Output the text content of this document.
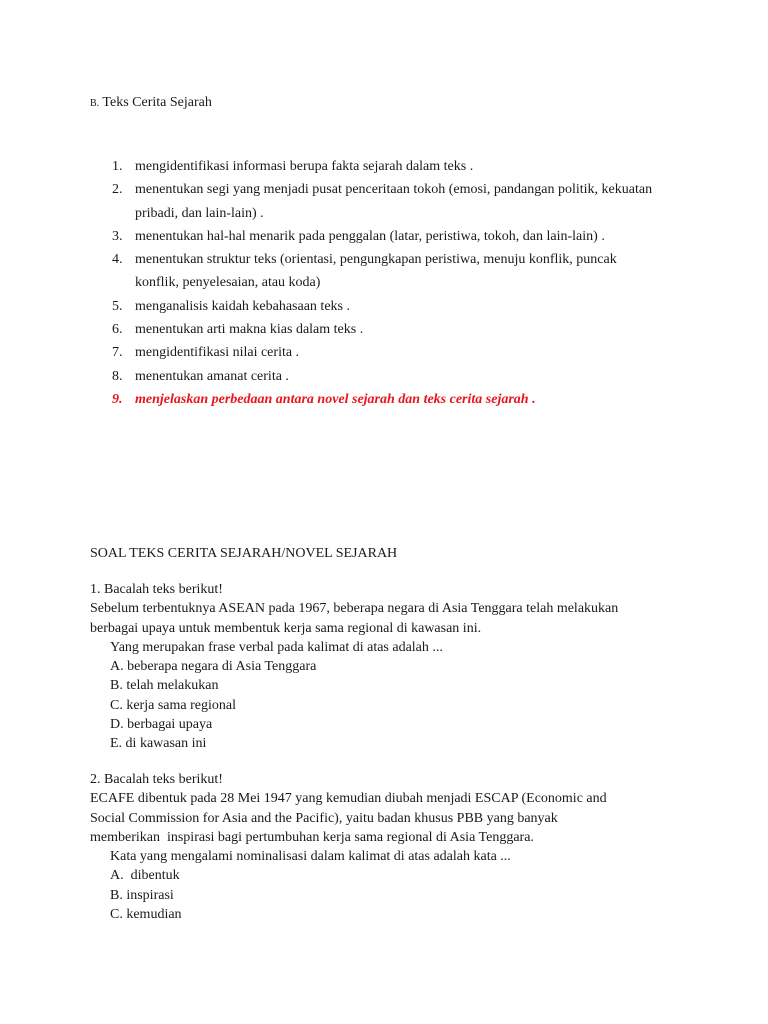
B. Teks Cerita Sejarah
1. mengidentifikasi informasi berupa fakta sejarah dalam teks .
2. menentukan segi yang menjadi pusat penceritaan tokoh (emosi, pandangan politik, kekuatan pribadi, dan lain-lain) .
3. menentukan hal-hal menarik pada penggalan (latar, peristiwa, tokoh, dan lain-lain) .
4. menentukan struktur teks (orientasi, pengungkapan peristiwa, menuju konflik, puncak konflik, penyelesaian, atau koda)
5. menganalisis kaidah kebahasaan teks .
6. menentukan arti makna kias dalam teks .
7. mengidentifikasi nilai cerita .
8. menentukan amanat cerita .
9. menjelaskan perbedaan antara novel sejarah dan teks cerita sejarah .
SOAL TEKS CERITA SEJARAH/NOVEL SEJARAH
1. Bacalah teks berikut!
Sebelum terbentuknya ASEAN pada 1967, beberapa negara di Asia Tenggara telah melakukan
berbagai upaya untuk membentuk kerja sama regional di kawasan ini.
Yang merupakan frase verbal pada kalimat di atas adalah ...
A. beberapa negara di Asia Tenggara
B. telah melakukan
C. kerja sama regional
D. berbagai upaya
E. di kawasan ini
2. Bacalah teks berikut!
ECAFE dibentuk pada 28 Mei 1947 yang kemudian diubah menjadi ESCAP (Economic and
Social Commission for Asia and the Pacific), yaitu badan khusus PBB yang banyak
memberikan  inspirasi bagi pertumbuhan kerja sama regional di Asia Tenggara.
Kata yang mengalami nominalisasi dalam kalimat di atas adalah kata ...
A.  dibentuk
B. inspirasi
C. kemudian
